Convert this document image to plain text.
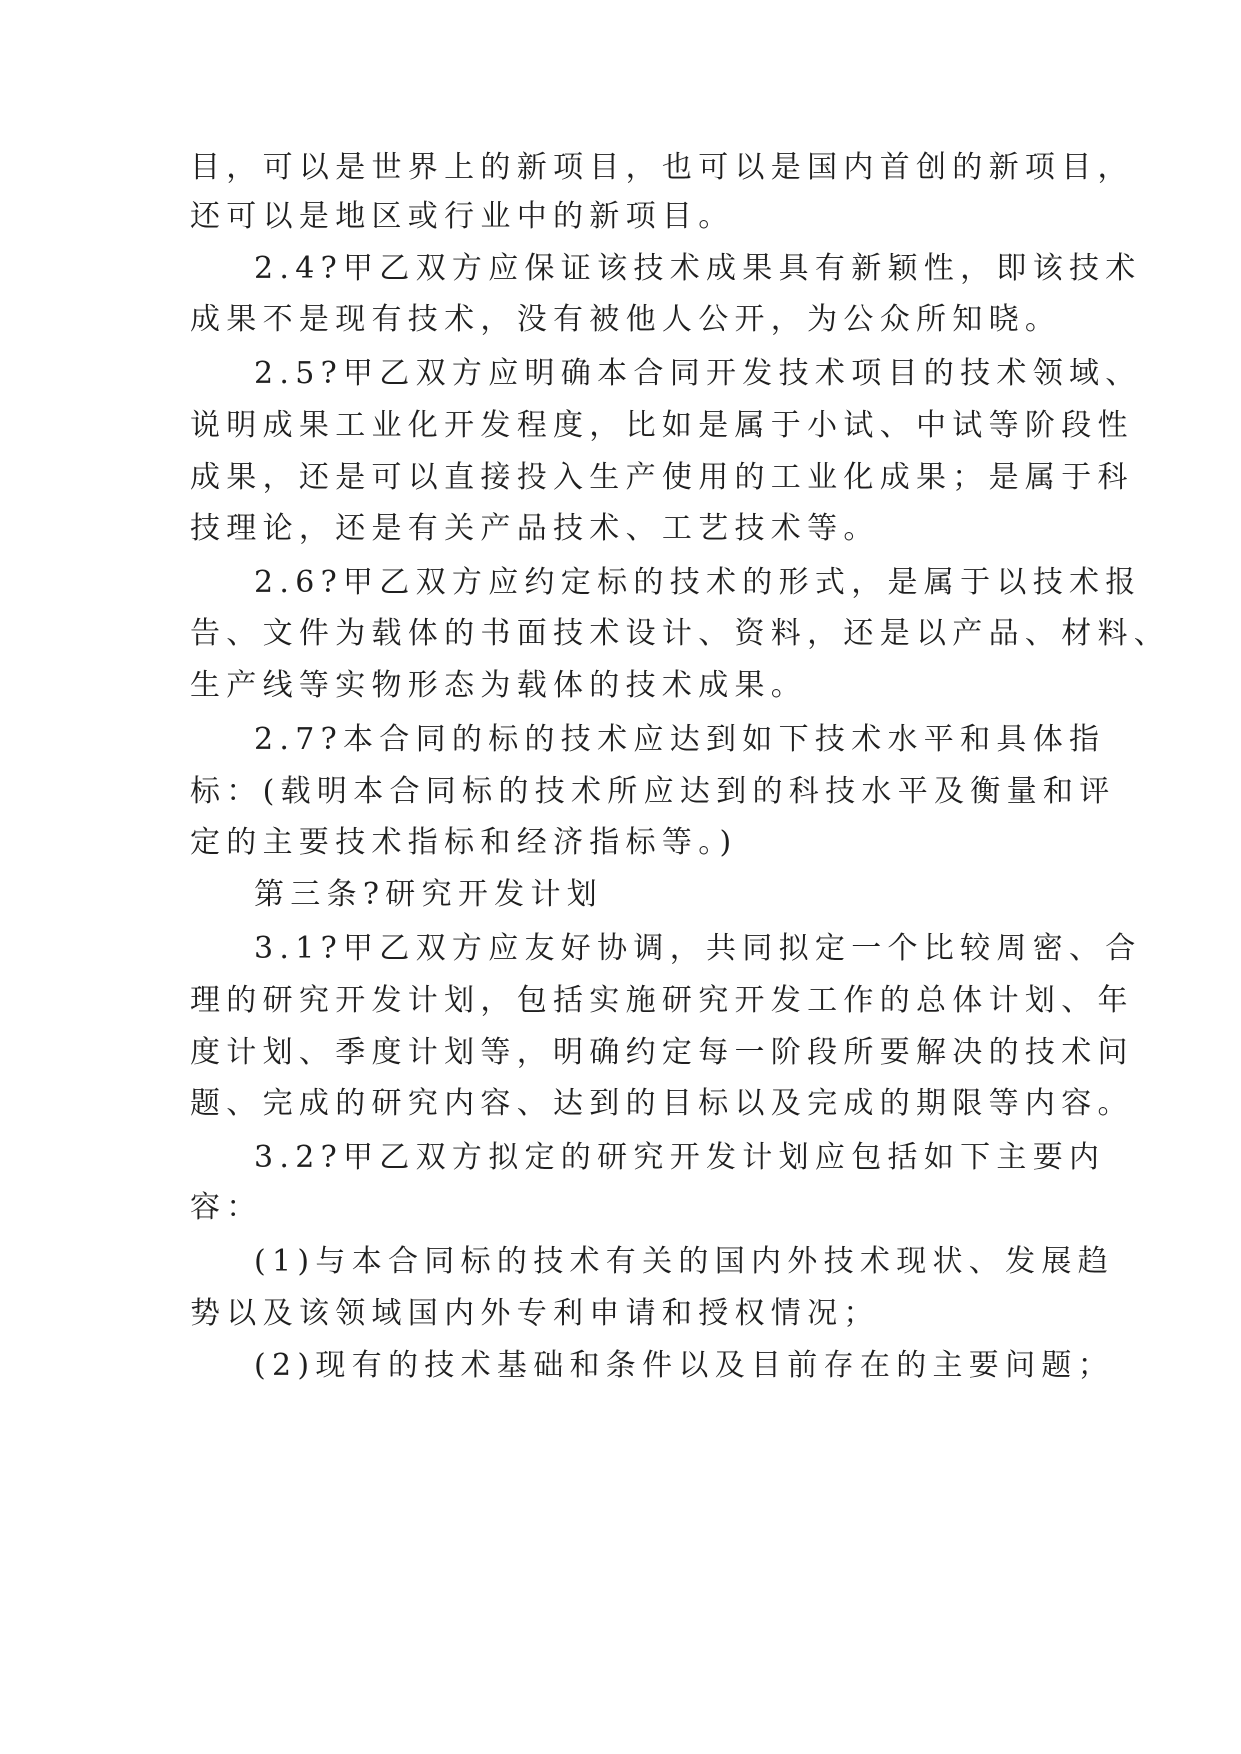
目，可以是世界上的新项目，也可以是国内首创的新项目，

还可以是地区或行业中的新项目。

2.4?甲乙双方应保证该技术成果具有新颖性，即该技术

成果不是现有技术，没有被他人公开，为公众所知晓。

2.5?甲乙双方应明确本合同开发技术项目的技术领域、

说明成果工业化开发程度，比如是属于小试、中试等阶段性

成果，还是可以直接投入生产使用的工业化成果；是属于科

技理论，还是有关产品技术、工艺技术等。

2.6?甲乙双方应约定标的技术的形式，是属于以技术报

告、文件为载体的书面技术设计、资料，还是以产品、材料、

生产线等实物形态为载体的技术成果。

2.7?本合同的标的技术应达到如下技术水平和具体指

标：(载明本合同标的技术所应达到的科技水平及衡量和评

定的主要技术指标和经济指标等。)

第三条?研究开发计划

3.1?甲乙双方应友好协调，共同拟定一个比较周密、合

理的研究开发计划，包括实施研究开发工作的总体计划、年

度计划、季度计划等，明确约定每一阶段所要解决的技术问

题、完成的研究内容、达到的目标以及完成的期限等内容。

3.2?甲乙双方拟定的研究开发计划应包括如下主要内

容：

(1)与本合同标的技术有关的国内外技术现状、发展趋

势以及该领域国内外专利申请和授权情况；

(2)现有的技术基础和条件以及目前存在的主要问题；
